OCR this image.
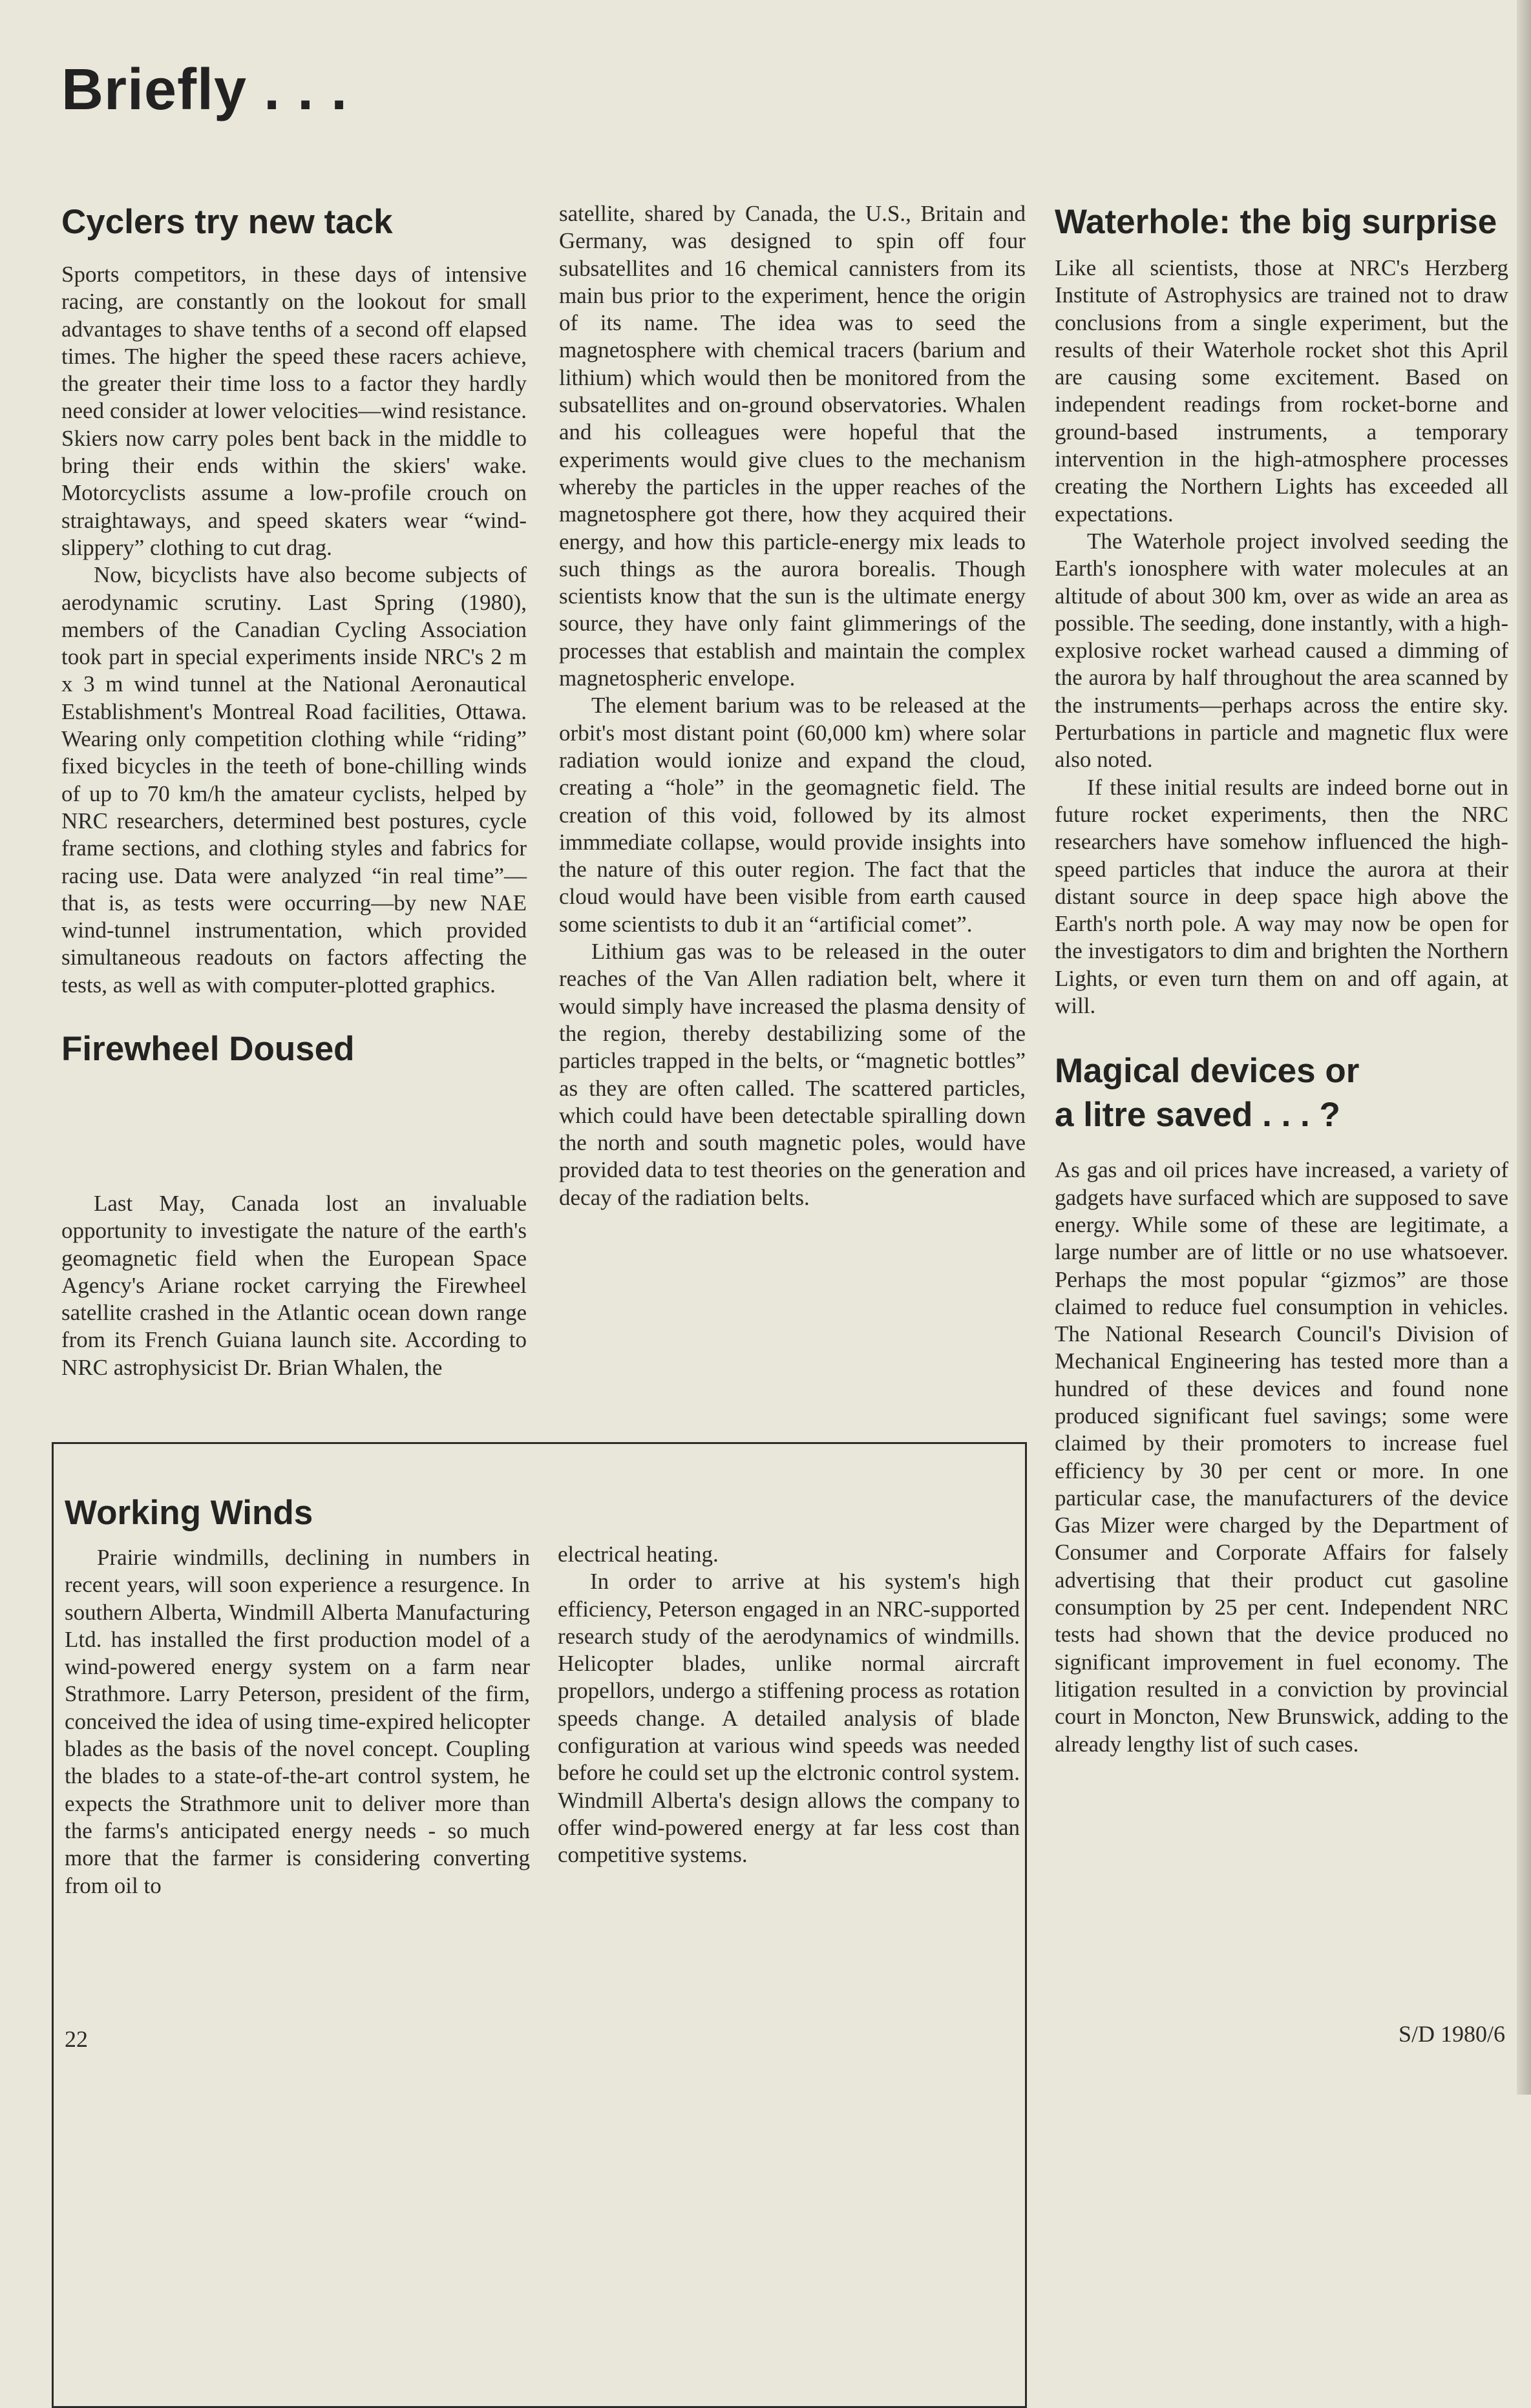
Briefly . . .
Cyclers try new tack

Sports competitors, in these days of intensive racing, are constantly on the lookout for small advantages to shave tenths of a second off elapsed times. The higher the speed these racers achieve, the greater their time loss to a factor they hardly need consider at lower velocities—wind resistance. Skiers now carry poles bent back in the middle to bring their ends within the skiers' wake. Motorcyclists assume a low-profile crouch on straightaways, and speed skaters wear “wind-slippery” clothing to cut drag.

Now, bicyclists have also become subjects of aerodynamic scrutiny. Last Spring (1980), members of the Canadian Cycling Association took part in special experiments inside NRC's 2 m x 3 m wind tunnel at the National Aeronautical Establishment's Montreal Road facilities, Ottawa. Wearing only competition clothing while “riding” fixed bicycles in the teeth of bone-chilling winds of up to 70 km/h the amateur cyclists, helped by NRC researchers, determined best postures, cycle frame sections, and clothing styles and fabrics for racing use. Data were analyzed “in real time”—that is, as tests were occurring—by new NAE wind-tunnel instrumentation, which provided simultaneous readouts on factors affecting the tests, as well as with computer-plotted graphics.

Firewheel Doused

Last May, Canada lost an invaluable opportunity to investigate the nature of the earth's geomagnetic field when the European Space Agency's Ariane rocket carrying the Firewheel satellite crashed in the Atlantic ocean down range from its French Guiana launch site. According to NRC astrophysicist Dr. Brian Whalen, the

satellite, shared by Canada, the U.S., Britain and Germany, was designed to spin off four subsatellites and 16 chemical cannisters from its main bus prior to the experiment, hence the origin of its name. The idea was to seed the magnetosphere with chemical tracers (barium and lithium) which would then be monitored from the subsatellites and on-ground observatories. Whalen and his colleagues were hopeful that the experiments would give clues to the mechanism whereby the particles in the upper reaches of the magnetosphere got there, how they acquired their energy, and how this particle-energy mix leads to such things as the aurora borealis. Though scientists know that the sun is the ultimate energy source, they have only faint glimmerings of the processes that establish and maintain the complex magnetospheric envelope.

The element barium was to be released at the orbit's most distant point (60,000 km) where solar radiation would ionize and expand the cloud, creating a “hole” in the geomagnetic field. The creation of this void, followed by its almost immmediate collapse, would provide insights into the nature of this outer region. The fact that the cloud would have been visible from earth caused some scientists to dub it an “artificial comet”.

Lithium gas was to be released in the outer reaches of the Van Allen radiation belt, where it would simply have increased the plasma density of the region, thereby destabilizing some of the particles trapped in the belts, or “magnetic bottles” as they are often called. The scattered particles, which could have been detectable spiralling down the north and south magnetic poles, would have provided data to test theories on the generation and decay of the radiation belts.

Waterhole: the big surprise

Like all scientists, those at NRC's Herzberg Institute of Astrophysics are trained not to draw conclusions from a single experiment, but the results of their Waterhole rocket shot this April are causing some excitement. Based on independent readings from rocket-borne and ground-based instruments, a temporary intervention in the high-atmosphere processes creating the Northern Lights has exceeded all expectations.

The Waterhole project involved seeding the Earth's ionosphere with water molecules at an altitude of about 300 km, over as wide an area as possible. The seeding, done instantly, with a high-explosive rocket warhead caused a dimming of the aurora by half throughout the area scanned by the instruments—perhaps across the entire sky. Perturbations in particle and magnetic flux were also noted.

If these initial results are indeed borne out in future rocket experiments, then the NRC researchers have somehow influenced the high-speed particles that induce the aurora at their distant source in deep space high above the Earth's north pole. A way may now be open for the investigators to dim and brighten the Northern Lights, or even turn them on and off again, at will.

Magical devices or
a litre saved . . . ?

As gas and oil prices have increased, a variety of gadgets have surfaced which are supposed to save energy. While some of these are legitimate, a large number are of little or no use whatsoever. Perhaps the most popular “gizmos” are those claimed to reduce fuel consumption in vehicles. The National Research Council's Division of Mechanical Engineering has tested more than a hundred of these devices and found none produced significant fuel savings; some were claimed by their promoters to increase fuel efficiency by 30 per cent or more. In one particular case, the manufacturers of the device Gas Mizer were charged by the Department of Consumer and Corporate Affairs for falsely advertising that their product cut gasoline consumption by 25 per cent. Independent NRC tests had shown that the device produced no significant improvement in fuel economy. The litigation resulted in a conviction by provincial court in Moncton, New Brunswick, adding to the already lengthy list of such cases.

Working Winds

Prairie windmills, declining in numbers in recent years, will soon experience a resurgence. In southern Alberta, Windmill Alberta Manufacturing Ltd. has installed the first production model of a wind-powered energy system on a farm near Strathmore. Larry Peterson, president of the firm, conceived the idea of using time-expired helicopter blades as the basis of the novel concept. Coupling the blades to a state-of-the-art control system, he expects the Strathmore unit to deliver more than the farms's anticipated energy needs - so much more that the farmer is considering converting from oil to

electrical heating.

In order to arrive at his system's high efficiency, Peterson engaged in an NRC-supported research study of the aerodynamics of windmills. Helicopter blades, unlike normal aircraft propellors, undergo a stiffening process as rotation speeds change. A detailed analysis of blade configuration at various wind speeds was needed before he could set up the elctronic control system. Windmill Alberta's design allows the company to offer wind-powered energy at far less cost than competitive systems.

22	S/D 1980/6
